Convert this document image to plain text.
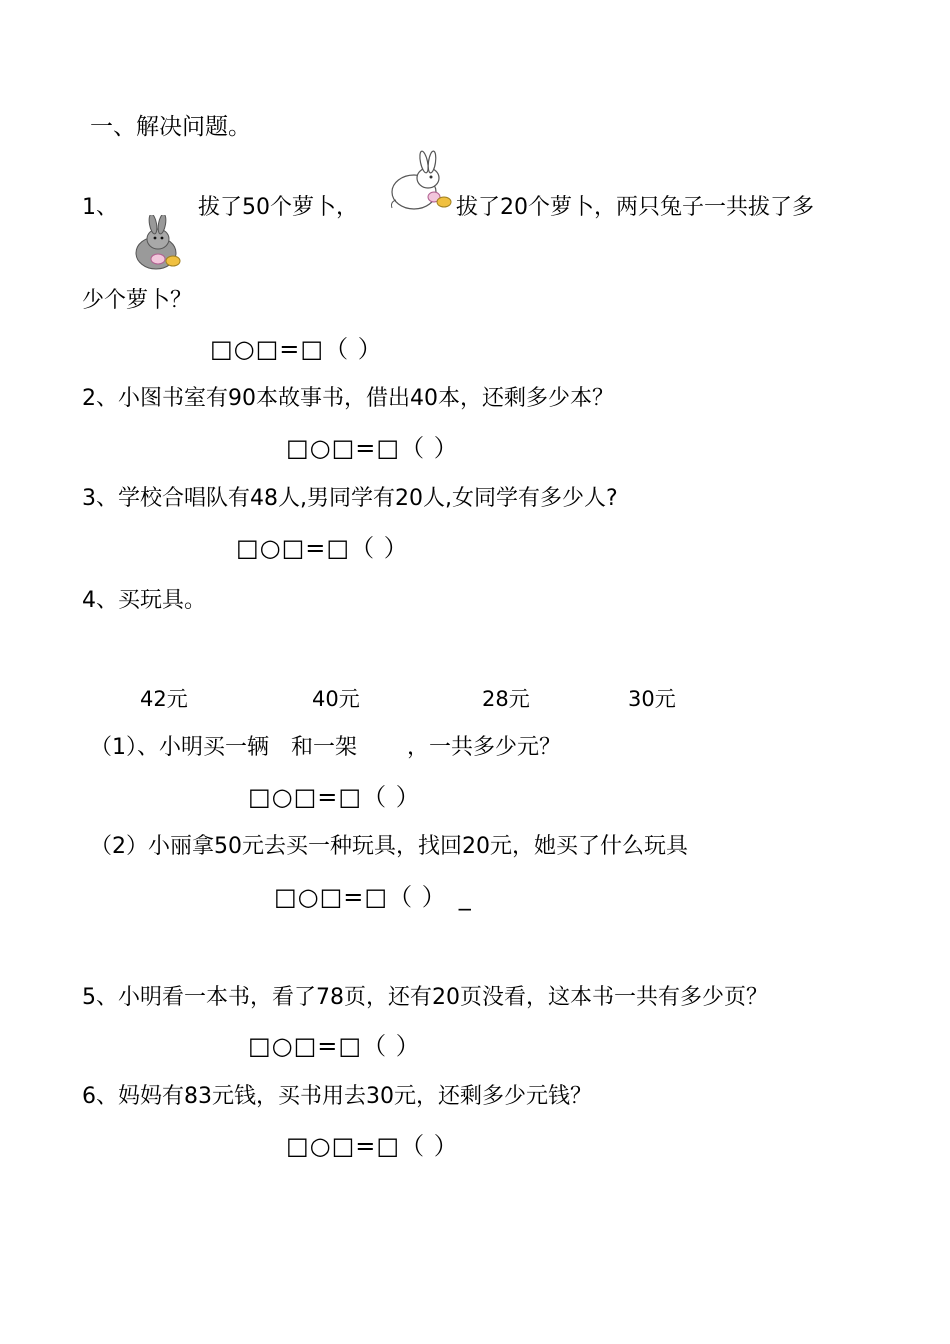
一、解决问题。
1、	拔了50个萝卜，	拔了20个萝卜，两只兔子一共拔了多
少个萝卜？
□○□=□（ ）
2、小图书室有90本故事书，借出40本，还剩多少本？
□○□=□（ ）
3、学校合唱队有48人,男同学有20人,女同学有多少人?
□○□=□（ ）
4、买玩具。
42元	40元	28元	30元
（1）、小明买一辆 和一架 ，一共多少元？
□○□=□（ ）
（2）小丽拿50元去买一种玩具，找回20元，她买了什么玩具
□○□=□（ ） _
5、小明看一本书，看了78页，还有20页没看，这本书一共有多少页？
□○□=□（ ）
6、妈妈有83元钱，买书用去30元，还剩多少元钱？
□○□=□（ ）
